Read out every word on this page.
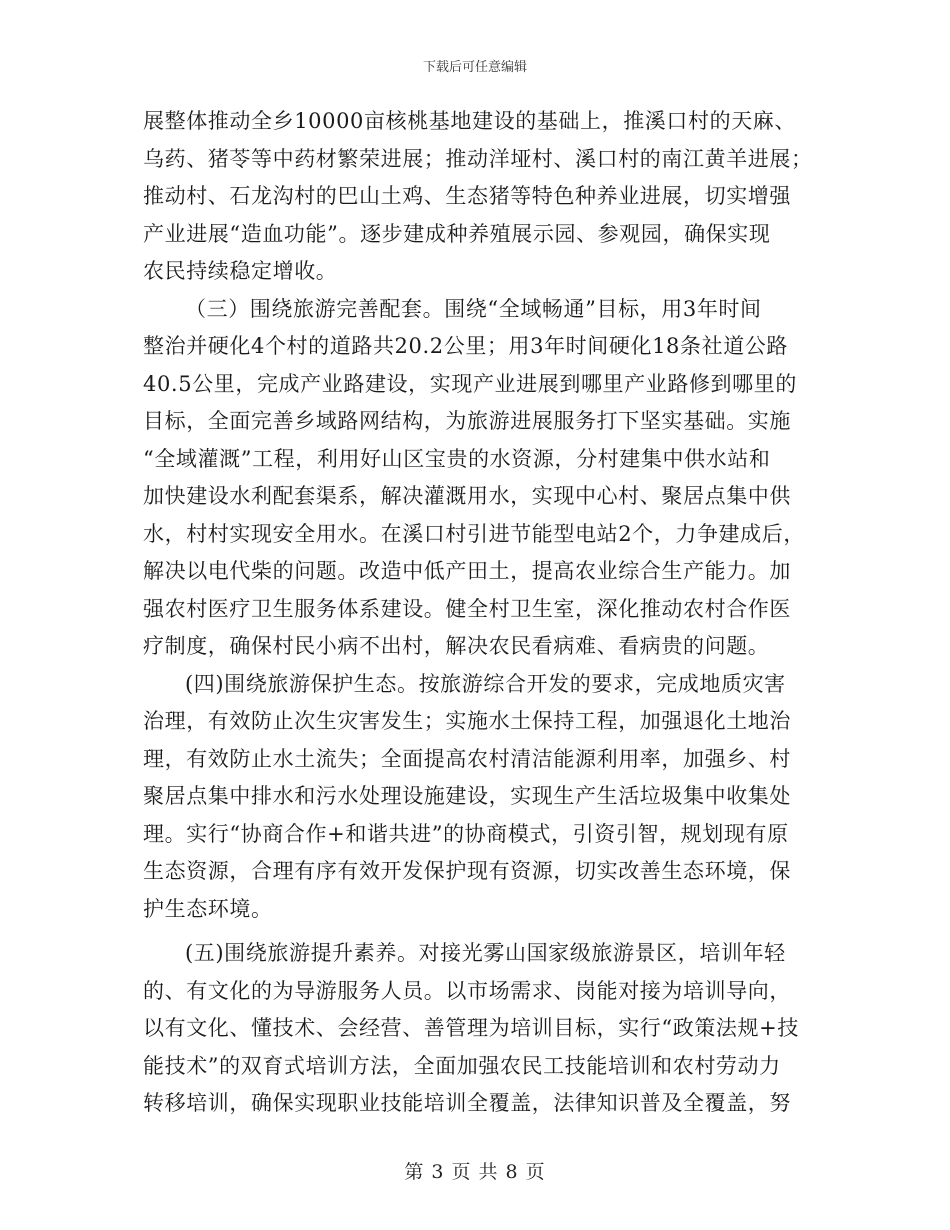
下载后可任意编辑
展整体推动全乡10000亩核桃基地建设的基础上，推溪口村的天麻、
乌药、猪苓等中药材繁荣进展；推动洋垭村、溪口村的南江黄羊进展；
推动村、石龙沟村的巴山土鸡、生态猪等特色种养业进展，切实增强
产业进展“造血功能”。逐步建成种养殖展示园、参观园，确保实现
农民持续稳定增收。
（三）围绕旅游完善配套。围绕“全域畅通”目标，用3年时间
整治并硬化4个村的道路共20.2公里；用3年时间硬化18条社道公路
40.5公里，完成产业路建设，实现产业进展到哪里产业路修到哪里的
目标，全面完善乡域路网结构，为旅游进展服务打下坚实基础。实施
“全域灌溉”工程，利用好山区宝贵的水资源，分村建集中供水站和
加快建设水利配套渠系，解决灌溉用水，实现中心村、聚居点集中供
水，村村实现安全用水。在溪口村引进节能型电站2个，力争建成后，
解决以电代柴的问题。改造中低产田土，提高农业综合生产能力。加
强农村医疗卫生服务体系建设。健全村卫生室，深化推动农村合作医
疗制度，确保村民小病不出村，解决农民看病难、看病贵的问题。
(四)围绕旅游保护生态。按旅游综合开发的要求，完成地质灾害
治理，有效防止次生灾害发生；实施水土保持工程，加强退化土地治
理，有效防止水土流失；全面提高农村清洁能源利用率，加强乡、村
聚居点集中排水和污水处理设施建设，实现生产生活垃圾集中收集处
理。实行“协商合作+和谐共进”的协商模式，引资引智，规划现有原
生态资源，合理有序有效开发保护现有资源，切实改善生态环境，保
护生态环境。
(五)围绕旅游提升素养。对接光雾山国家级旅游景区，培训年轻
的、有文化的为导游服务人员。以市场需求、岗能对接为培训导向，
以有文化、懂技术、会经营、善管理为培训目标，实行“政策法规+技
能技术”的双育式培训方法，全面加强农民工技能培训和农村劳动力
转移培训，确保实现职业技能培训全覆盖，法律知识普及全覆盖，努
第 3 页 共 8 页
